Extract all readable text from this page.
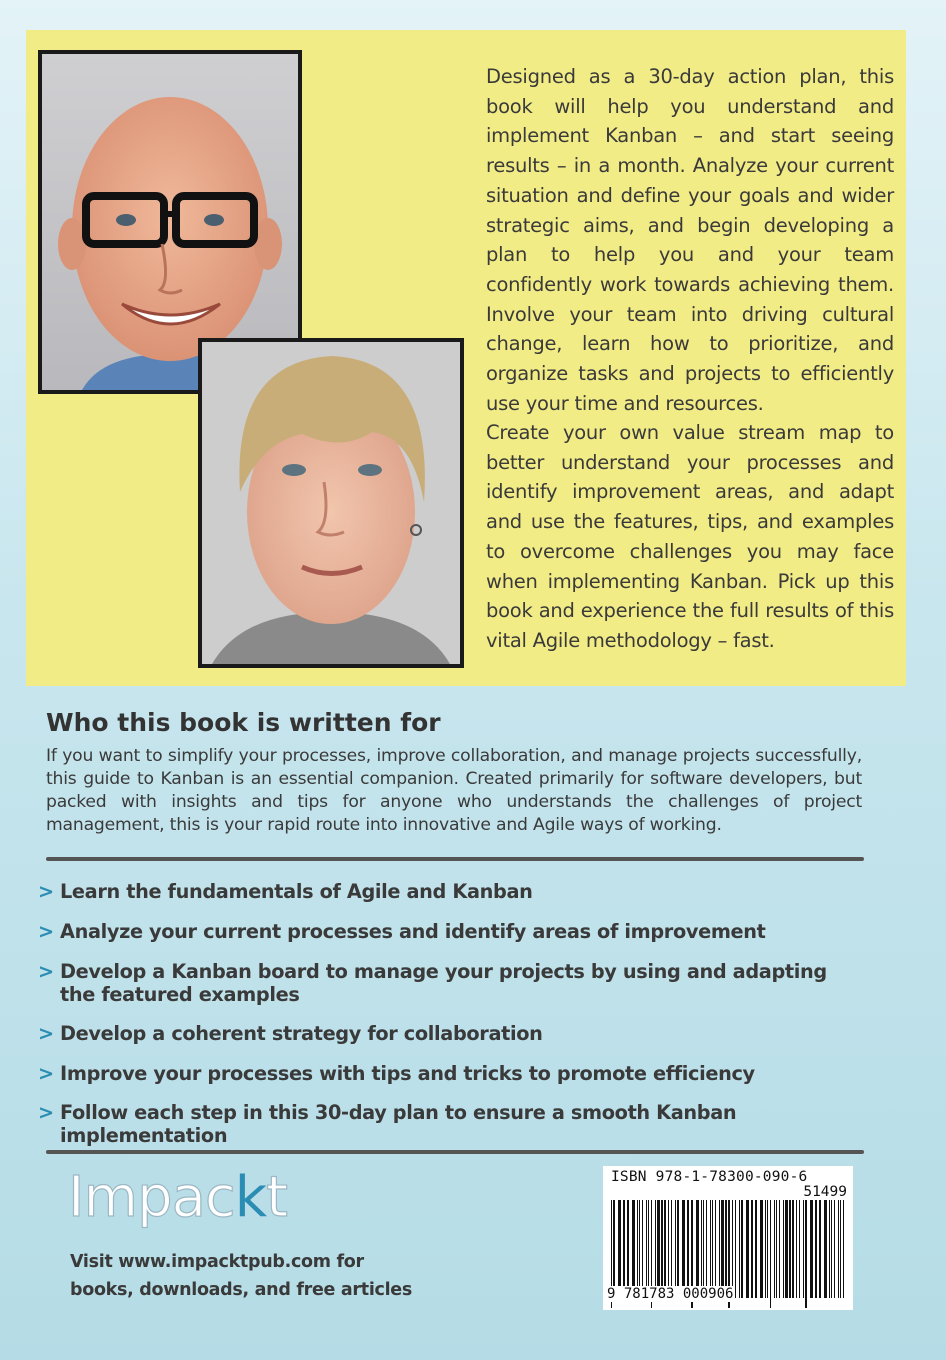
Designed as a 30-day action plan, this book will help you understand and implement Kanban – and start seeing results – in a month. Analyze your current situation and define your goals and wider strategic aims, and begin developing a plan to help you and your team confidently work towards achieving them. Involve your team into driving cultural change, learn how to prioritize, and organize tasks and projects to efficiently use your time and resources.

Create your own value stream map to better understand your processes and identify improvement areas, and adapt and use the features, tips, and examples to overcome challenges you may face when implementing Kanban. Pick up this book and experience the full results of this vital Agile methodology – fast.

Who this book is written for

If you want to simplify your processes, improve collaboration, and manage projects successfully, this guide to Kanban is an essential companion. Created primarily for software developers, but packed with insights and tips for anyone who understands the challenges of project management, this is your rapid route into innovative and Agile ways of working.

> Learn the fundamentals of Agile and Kanban
> Analyze your current processes and identify areas of improvement
> Develop a Kanban board to manage your projects by using and adapting the featured examples
> Develop a coherent strategy for collaboration
> Improve your processes with tips and tricks to promote efficiency
> Follow each step in this 30-day plan to ensure a smooth Kanban implementation
Impackt

Visit www.impacktpub.com for books, downloads, and free articles

ISBN 978-1-78300-090-6
51499
9 781783 000906
